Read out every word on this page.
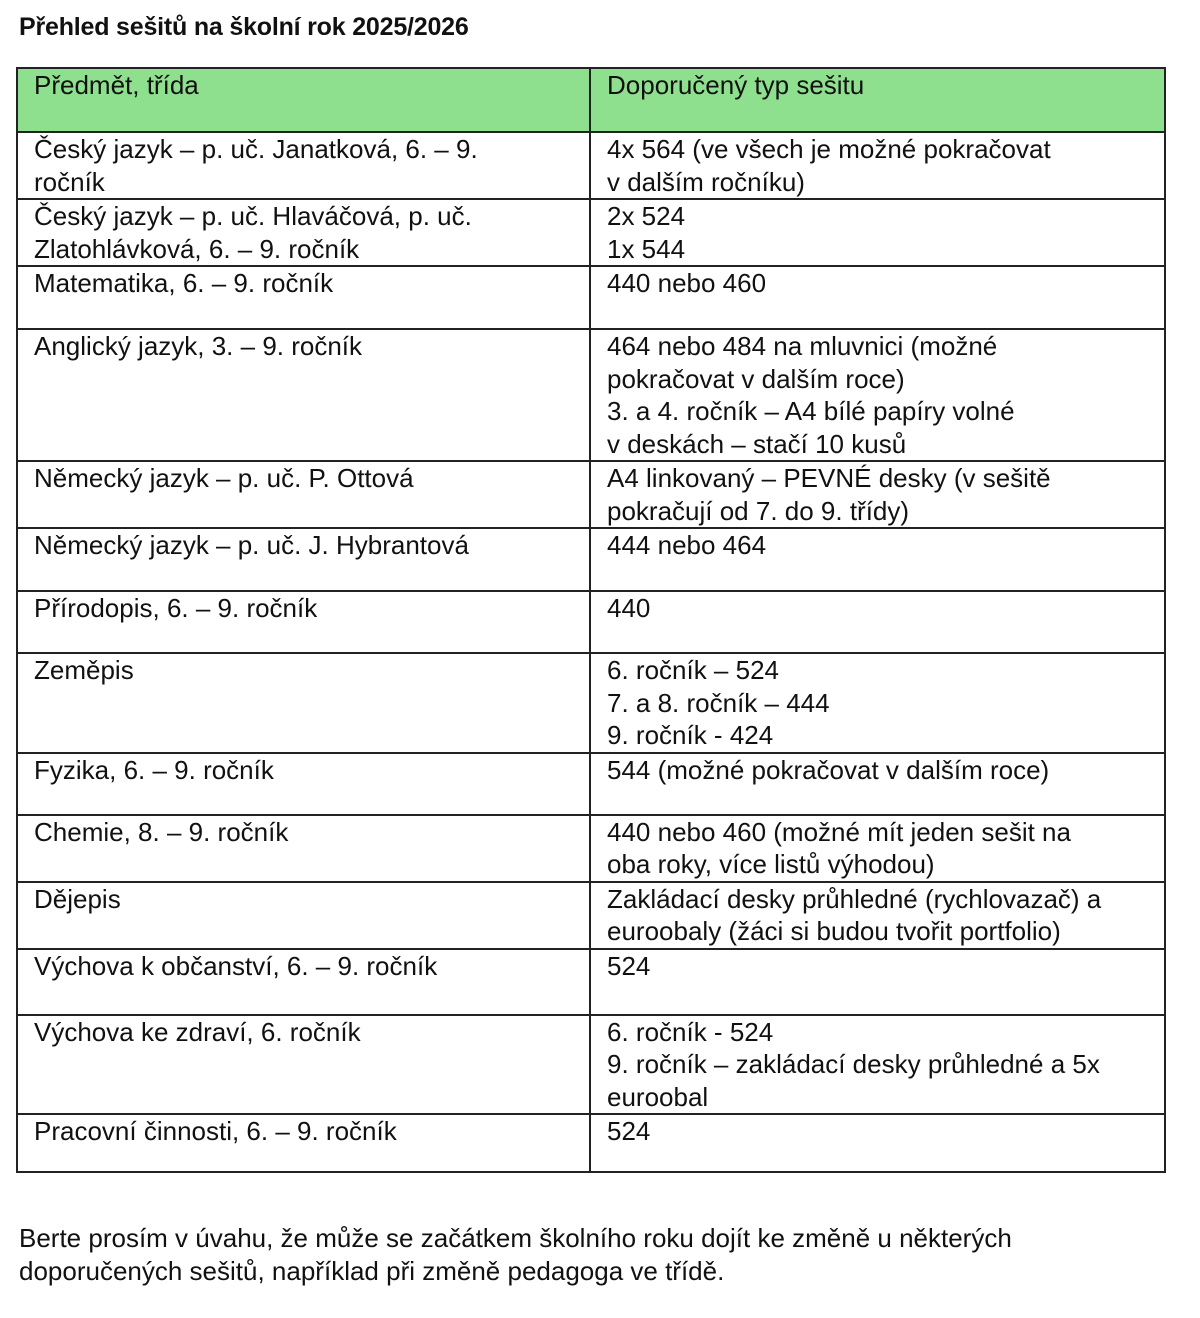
Přehled sešitů na školní rok 2025/2026
Předmět, třída	Doporučený typ sešitu

Český jazyk – p. uč. Janatková, 6. – 9.
ročník	4x 564 (ve všech je možné pokračovat
v dalším ročníku)

Český jazyk – p. uč. Hlaváčová, p. uč.
Zlatohlávková, 6. – 9. ročník	2x 524
1x 544

Matematika, 6. – 9. ročník	440 nebo 460

Anglický jazyk, 3. – 9. ročník	464 nebo 484 na mluvnici (možné
pokračovat v dalším roce)
3. a 4. ročník – A4 bílé papíry volné
v deskách – stačí 10 kusů

Německý jazyk – p. uč. P. Ottová	A4 linkovaný – PEVNÉ desky (v sešitě
pokračují od 7. do 9. třídy)

Německý jazyk – p. uč. J. Hybrantová	444 nebo 464

Přírodopis, 6. – 9. ročník	440

Zeměpis	6. ročník – 524
7. a 8. ročník – 444
9. ročník - 424

Fyzika, 6. – 9. ročník	544 (možné pokračovat v dalším roce)

Chemie, 8. – 9. ročník	440 nebo 460 (možné mít jeden sešit na
oba roky, více listů výhodou)

Dějepis	Zakládací desky průhledné (rychlovazač) a
euroobaly (žáci si budou tvořit portfolio)

Výchova k občanství, 6. – 9. ročník	524

Výchova ke zdraví, 6. ročník	6. ročník - 524
9. ročník – zakládací desky průhledné a 5x
euroobal

Pracovní činnosti, 6. – 9. ročník	524
Berte prosím v úvahu, že může se začátkem školního roku dojít ke změně u některých
doporučených sešitů, například při změně pedagoga ve třídě.
